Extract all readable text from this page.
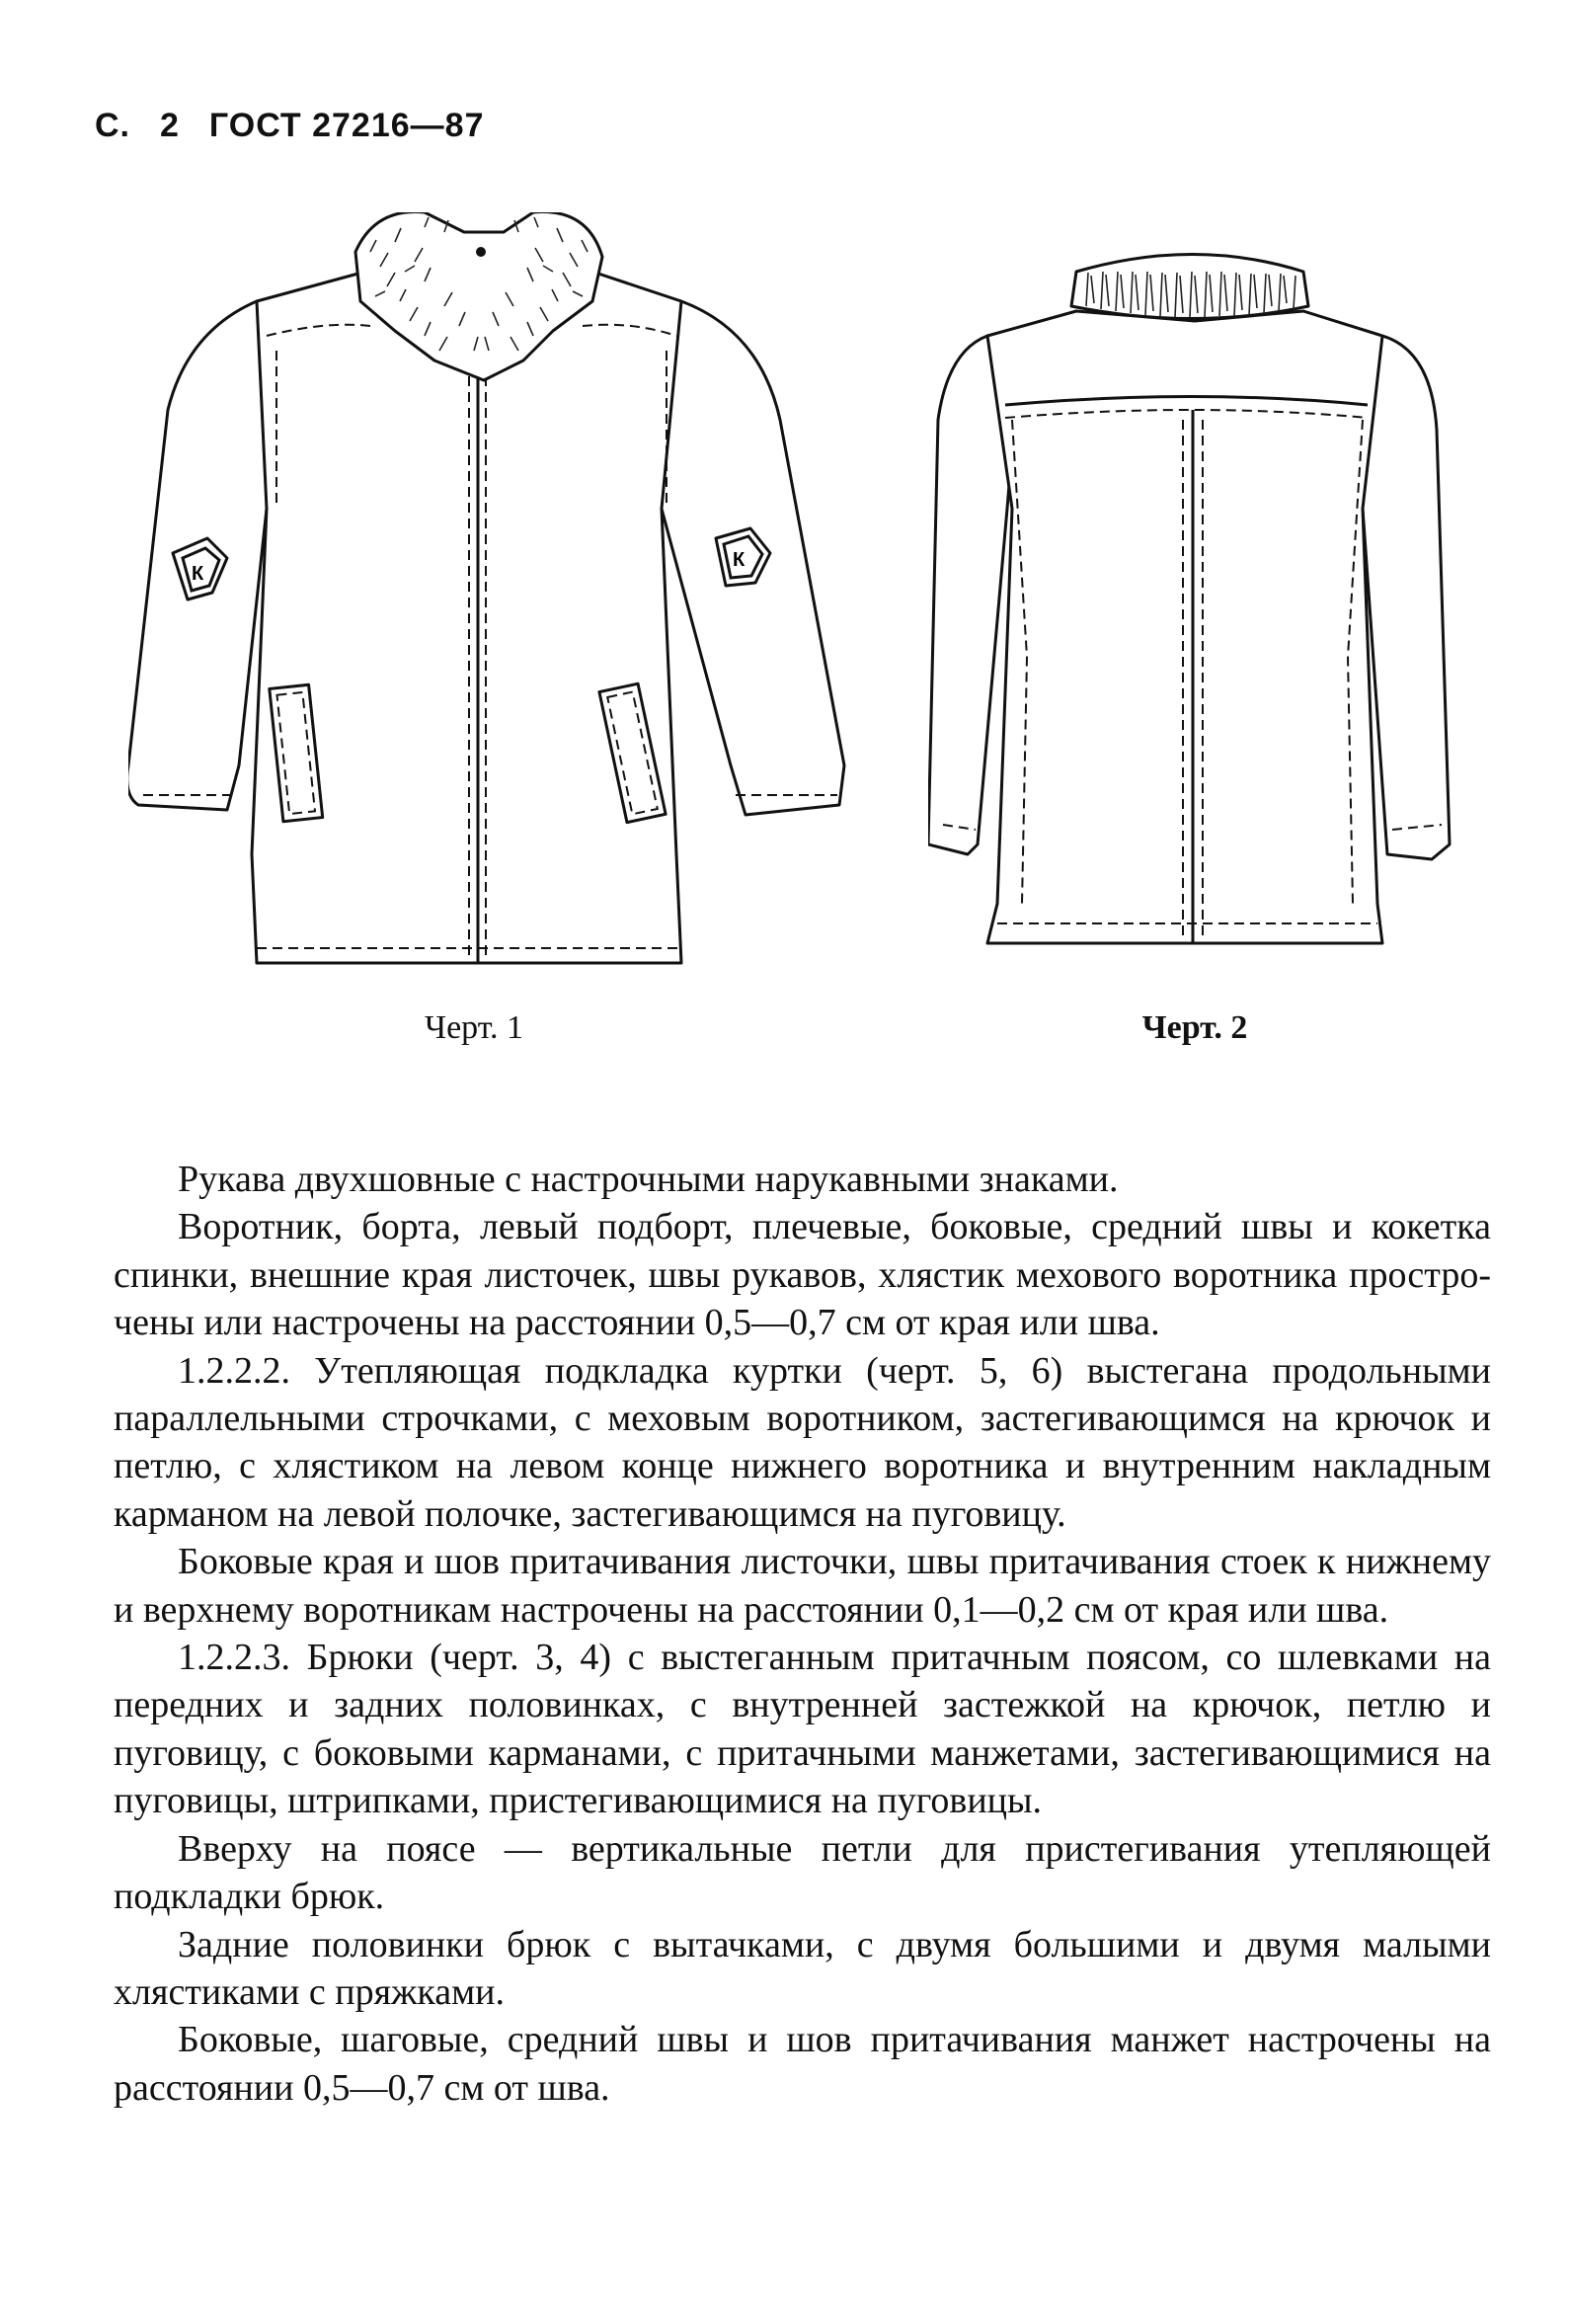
С. 2 ГОСТ 27216—87
К
К
Черт. 1	Черт. 2

Рукава двухшовные с настрочными нарукавными знаками.

Воротник, борта, левый подборт, плечевые, боковые, средний швы и кокетка спинки, внешние края листочек, швы рукавов, хлястик мехового воротника прострочены или настрочены на расстоянии 0,5—0,7 см от края или шва.

1.2.2.2. Утепляющая подкладка куртки (черт. 5, 6) выстегана продольными параллельными строчками, с меховым воротником, застегивающимся на крючок и петлю, с хлястиком на левом конце нижнего воротника и внутренним накладным карманом на левой полочке, застегивающимся на пуговицу.

Боковые края и шов притачивания листочки, швы притачивания стоек к нижнему и верхнему воротникам настрочены на расстоянии 0,1—0,2 см от края или шва.

1.2.2.3. Брюки (черт. 3, 4) с выстеганным притачным поясом, со шлевками на передних и задних половинках, с внутренней застежкой на крючок, петлю и пуговицу, с боковыми карманами, с притачными манжетами, застегивающимися на пуговицы, штрипками, пристегивающимися на пуговицы.

Вверху на поясе — вертикальные петли для пристегивания утепляющей подкладки брюк.

Задние половинки брюк с вытачками, с двумя большими и двумя малыми хлястиками с пряжками.

Боковые, шаговые, средний швы и шов притачивания манжет настрочены на расстоянии 0,5—0,7 см от шва.
